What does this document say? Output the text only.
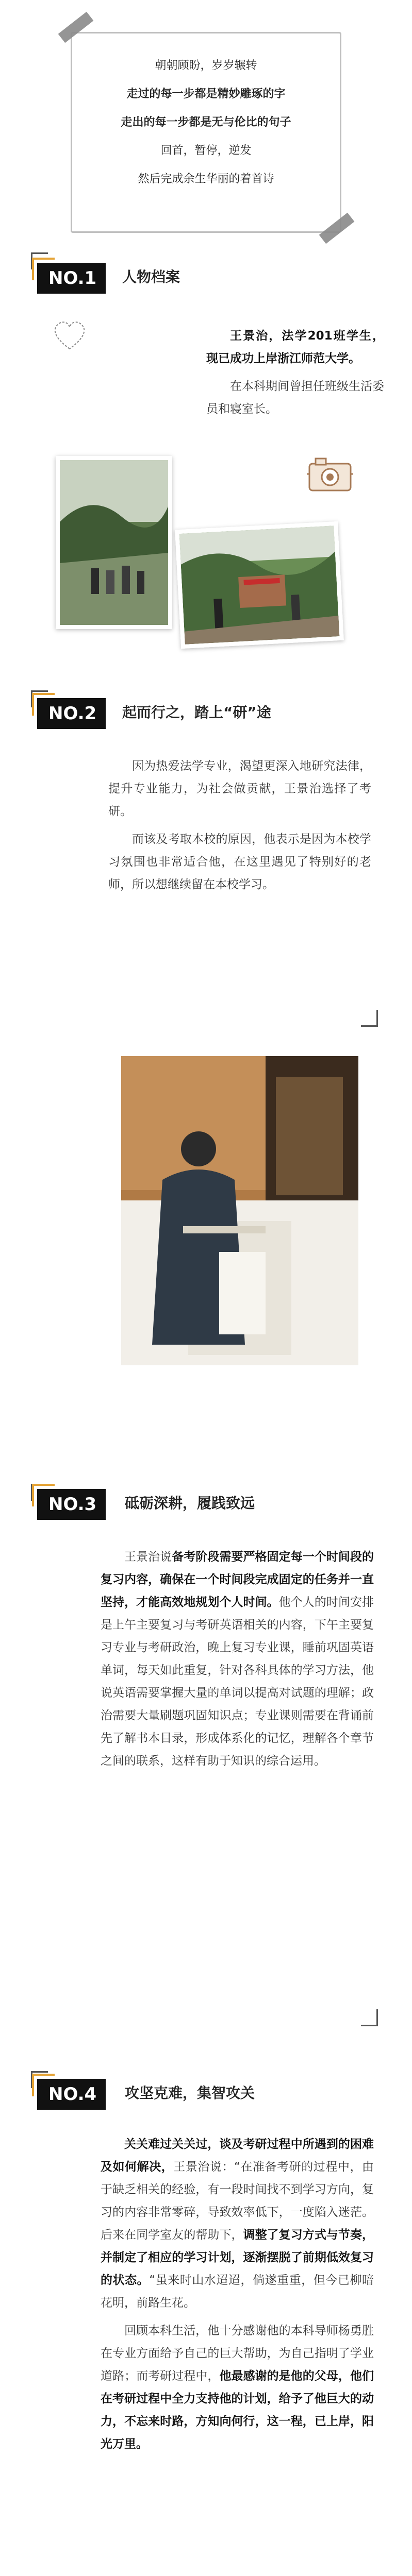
朝朝顾盼，岁岁辗转

走过的每一步都是精妙雕琢的字

走出的每一步都是无与伦比的句子

回首，暂停，逆发

然后完成余生华丽的着首诗

NO.1	人物档案

王景治，法学201班学生，现已成功上岸浙江师范大学。

在本科期间曾担任班级生活委员和寝室长。

NO.2	起而行之，踏上“研”途

因为热爱法学专业，渴望更深入地研究法律，提升专业能力，为社会做贡献，王景治选择了考研。

而该及考取本校的原因，他表示是因为本校学习氛围也非常适合他，在这里遇见了特别好的老师，所以想继续留在本校学习。

NO.3	砥砺深耕，履践致远

王景治说备考阶段需要严格固定每一个时间段的复习内容，确保在一个时间段完成固定的任务并一直坚持，才能高效地规划个人时间。他个人的时间安排是上午主要复习与考研英语相关的内容，下午主要复习专业与考研政治，晚上复习专业课，睡前巩固英语单词，每天如此重复，针对各科具体的学习方法，他说英语需要掌握大量的单词以提高对试题的理解；政治需要大量刷题巩固知识点；专业课则需要在背诵前先了解书本目录，形成体系化的记忆，理解各个章节之间的联系，这样有助于知识的综合运用。

NO.4	攻坚克难，集智攻关

关关难过关关过，谈及考研过程中所遇到的困难及如何解决，王景治说：“在准备考研的过程中，由于缺乏相关的经验，有一段时间找不到学习方向，复习的内容非常零碎，导致效率低下，一度陷入迷茫。后来在同学室友的帮助下，调整了复习方式与节奏，并制定了相应的学习计划，逐渐摆脱了前期低效复习的状态。“虽来时山水迢迢，倘遂重重，但今已柳暗花明，前路生花。

回顾本科生活，他十分感谢他的本科导师杨勇胜在专业方面给予自己的巨大帮助，为自己指明了学业道路；而考研过程中，他最感谢的是他的父母，他们在考研过程中全力支持他的计划，给予了他巨大的动力，不忘来时路，方知向何行，这一程，已上岸，阳光万里。
